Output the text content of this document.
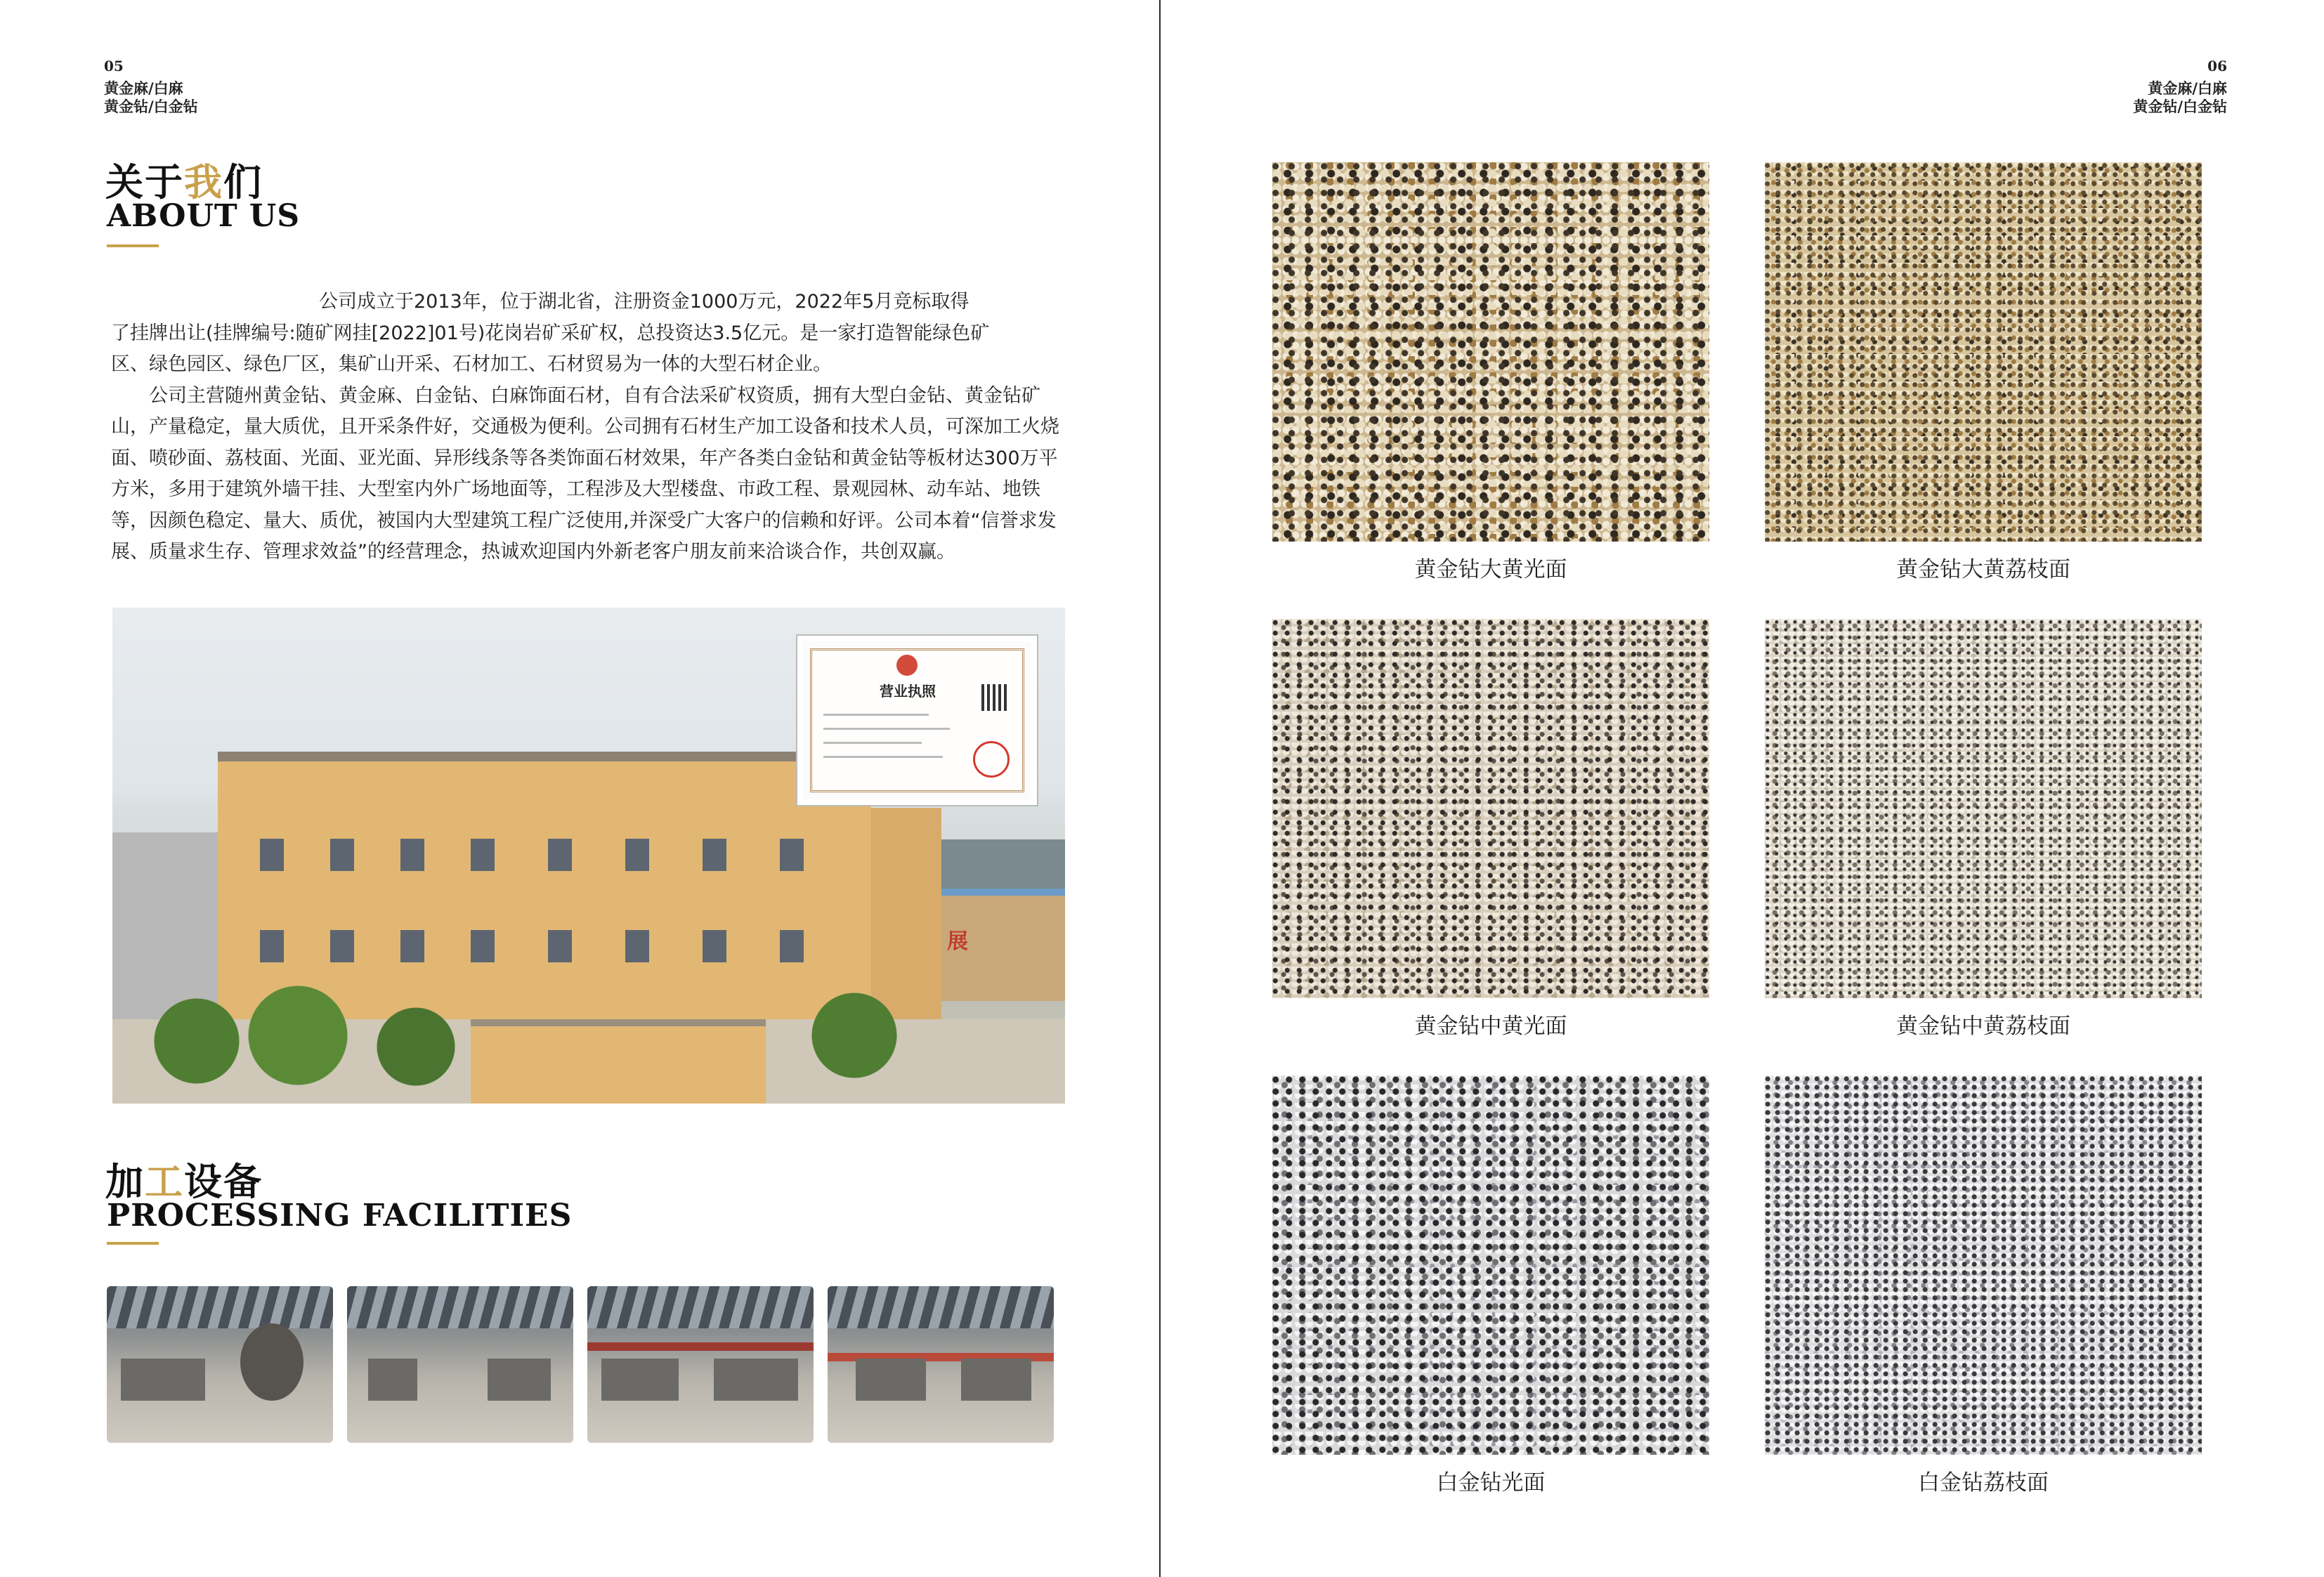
05
黄金麻/白麻
黄金钻/白金钻
关于我们
ABOUT US

公司成立于2013年，位于湖北省，注册资金1000万元，2022年5月竞标取得

了挂牌出让(挂牌编号:随矿网挂[2022]01号)花岗岩矿采矿权，总投资达3.5亿元。是一家打造智能绿色矿

区、绿色园区、绿色厂区，集矿山开采、石材加工、石材贸易为一体的大型石材企业。

公司主营随州黄金钻、黄金麻、白金钻、白麻饰面石材，自有合法采矿权资质，拥有大型白金钻、黄金钻矿山，产量稳定，量大质优，且开采条件好，交通极为便利。公司拥有石材生产加工设备和技术人员，可深加工火烧面、喷砂面、荔枝面、光面、亚光面、异形线条等各类饰面石材效果，年产各类白金钻和黄金钻等板材达300万平方米，多用于建筑外墙干挂、大型室内外广场地面等，工程涉及大型楼盘、市政工程、景观园林、动车站、地铁等，因颜色稳定、量大、质优，被国内大型建筑工程广泛使用,并深受广大客户的信赖和好评。公司本着“信誉求发展、质量求生存、管理求效益”的经营理念，热诚欢迎国内外新老客户朋友前来洽谈合作，共创双赢。

展
营业执照
加工设备
PROCESSING FACILITIES
06
黄金麻/白麻
黄金钻/白金钻
黄金钻大黄光面	黄金钻大黄荔枝面
黄金钻中黄光面	黄金钻中黄荔枝面
白金钻光面	白金钻荔枝面
